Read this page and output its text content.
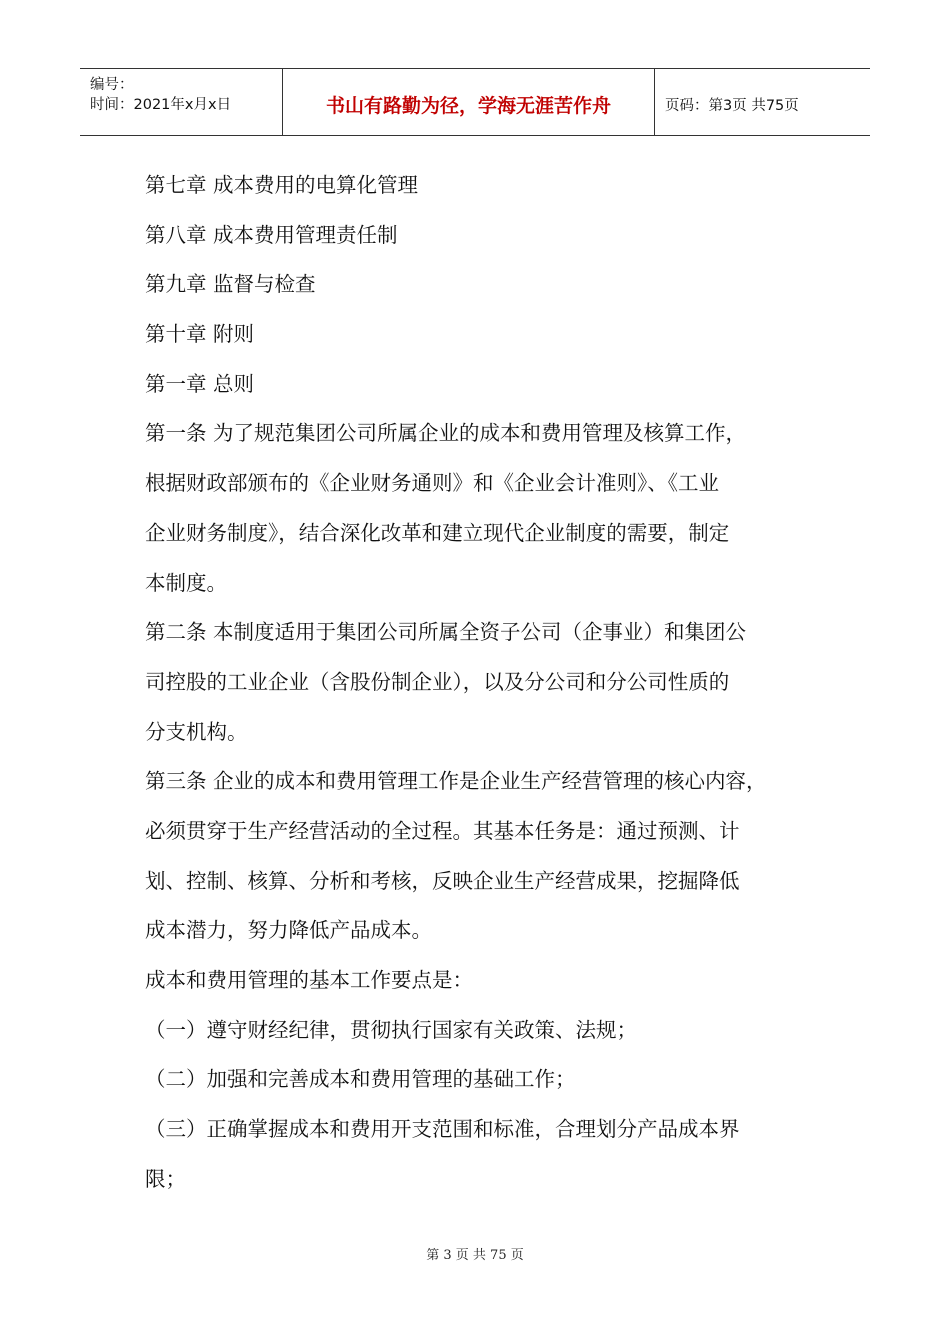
编号：
时间：2021年x月x日	书山有路勤为径，学海无涯苦作舟	页码：第3页 共75页
第七章 成本费用的电算化管理
第八章 成本费用管理责任制
第九章 监督与检查
第十章 附则
第一章 总则
第一条 为了规范集团公司所属企业的成本和费用管理及核算工作，
根据财政部颁布的《企业财务通则》和《企业会计准则》、《工业
企业财务制度》，结合深化改革和建立现代企业制度的需要，制定
本制度。
第二条 本制度适用于集团公司所属全资子公司（企事业）和集团公
司控股的工业企业（含股份制企业），以及分公司和分公司性质的
分支机构。
第三条 企业的成本和费用管理工作是企业生产经营管理的核心内容，
必须贯穿于生产经营活动的全过程。其基本任务是：通过预测、计
划、控制、核算、分析和考核，反映企业生产经营成果，挖掘降低
成本潜力，努力降低产品成本。
成本和费用管理的基本工作要点是：
（一）遵守财经纪律，贯彻执行国家有关政策、法规；
（二）加强和完善成本和费用管理的基础工作；
（三）正确掌握成本和费用开支范围和标准，合理划分产品成本界
限；
第 3 页 共 75 页
